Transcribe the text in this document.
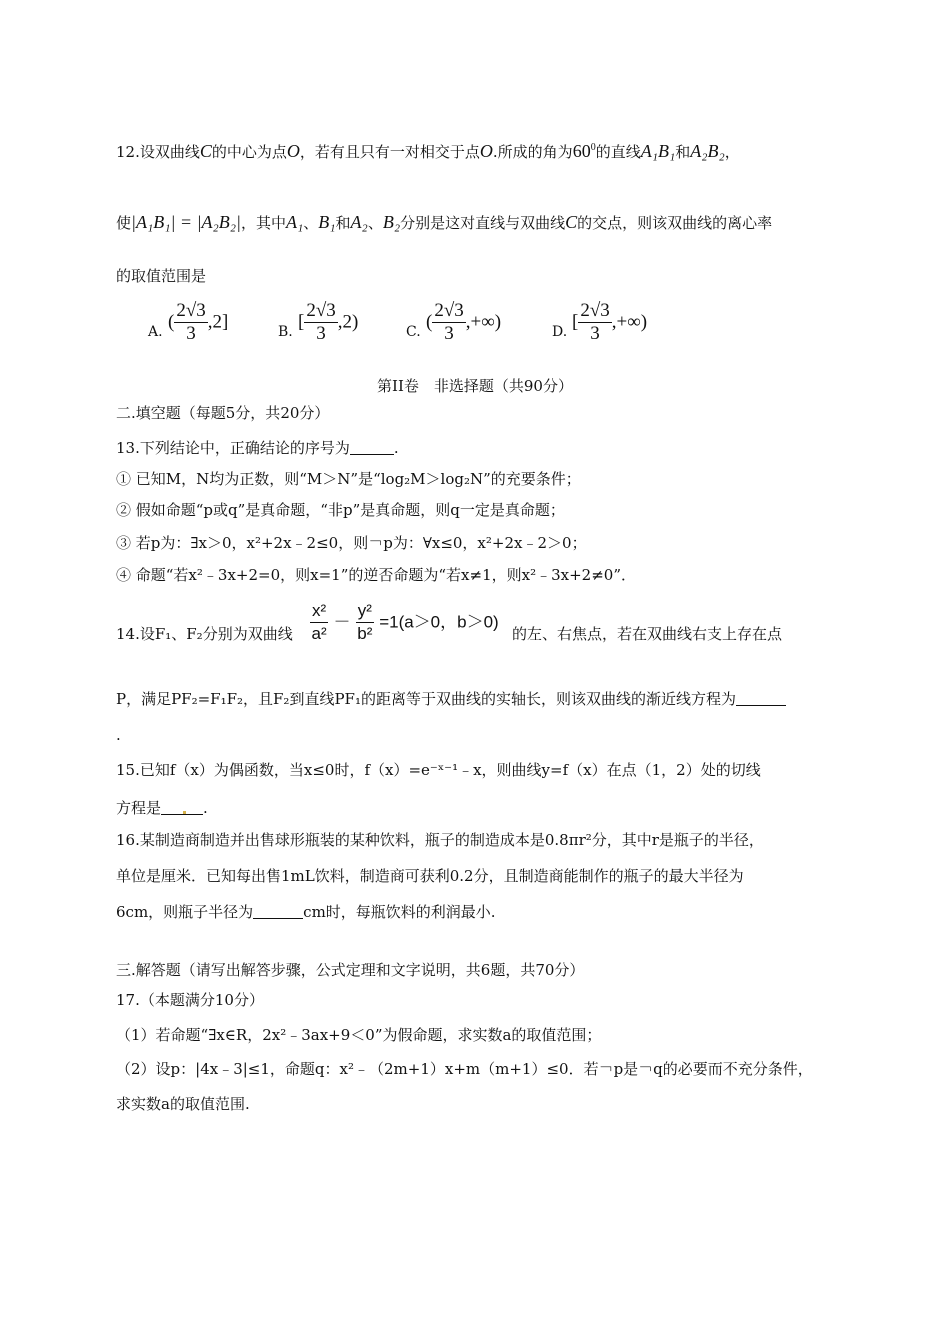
12.设双曲线C的中心为点O，若有且只有一对相交于点O.所成的角为$60^0$的直线A₁B₁和A₂B₂，
使|A₁B₁| = |A₂B₂|，其中A₁、B₁和A₂、B₂分别是这对直线与双曲线C的交点，则该双曲线的离心率
的取值范围是
A. ( $\frac{2√3}{3} ,2$]	B. [ $\frac{2√3}{3} ,2$)	C. ( $\frac{2√3}{3}$ ,+∞)	D. [ $\frac{2√3}{3}$ ,+∞)
第II卷　非选择题（共90分）
二.填空题（每题5分，共20分）
13.下列结论中，正确结论的序号为	.
① 已知M，N均为正数，则“M＞N”是“log₂M＞log₂N”的充要条件；
② 假如命题“p或q”是真命题，“非p”是真命题，则q一定是真命题；
③ 若p为：∃x＞0，x²+2x﹣2≤0，则￢p为：∀x≤0，x²+2x﹣2＞0；
④ 命题“若x²﹣3x+2=0，则x=1”的逆否命题为“若x≠1，则x²﹣3x+2≠0”．
14.设F₁、F₂分别为双曲线 $\frac{\text{x²}}{\text{a²}} - \frac{\text{y²}}{\text{b²}} =1(a>0$，b＞0)
的左、右焦点，若在双曲线右支上存在点
P，满足PF₂=F₁F₂，且F₂到直线PF₁的距离等于双曲线的实轴长，则该双曲线的渐近线方程为
.
15.已知f（x）为偶函数，当x≤0时，f（x）=e⁻ˣ⁻¹﹣x，则曲线y=f（x）在点（1，2）处的切线
方程是	.
16.某制造商制造并出售球形瓶装的某种饮料，瓶子的制造成本是0.8πr²分，其中r是瓶子的半径，
单位是厘米．已知每出售1mL饮料，制造商可获利0.2分，且制造商能制作的瓶子的最大半径为
6cm，则瓶子半径为	cm时，每瓶饮料的利润最小.
三.解答题（请写出解答步骤，公式定理和文字说明，共6题，共70分）
17.（本题满分10分）
（1）若命题“∃x∈R，2x²﹣3ax+9＜0”为假命题，求实数a的取值范围；
（2）设p：|4x﹣3|≤1，命题q：x²﹣（2m+1）x+m（m+1）≤0．若￢p是￢q的必要而不充分条件，
求实数a的取值范围.
